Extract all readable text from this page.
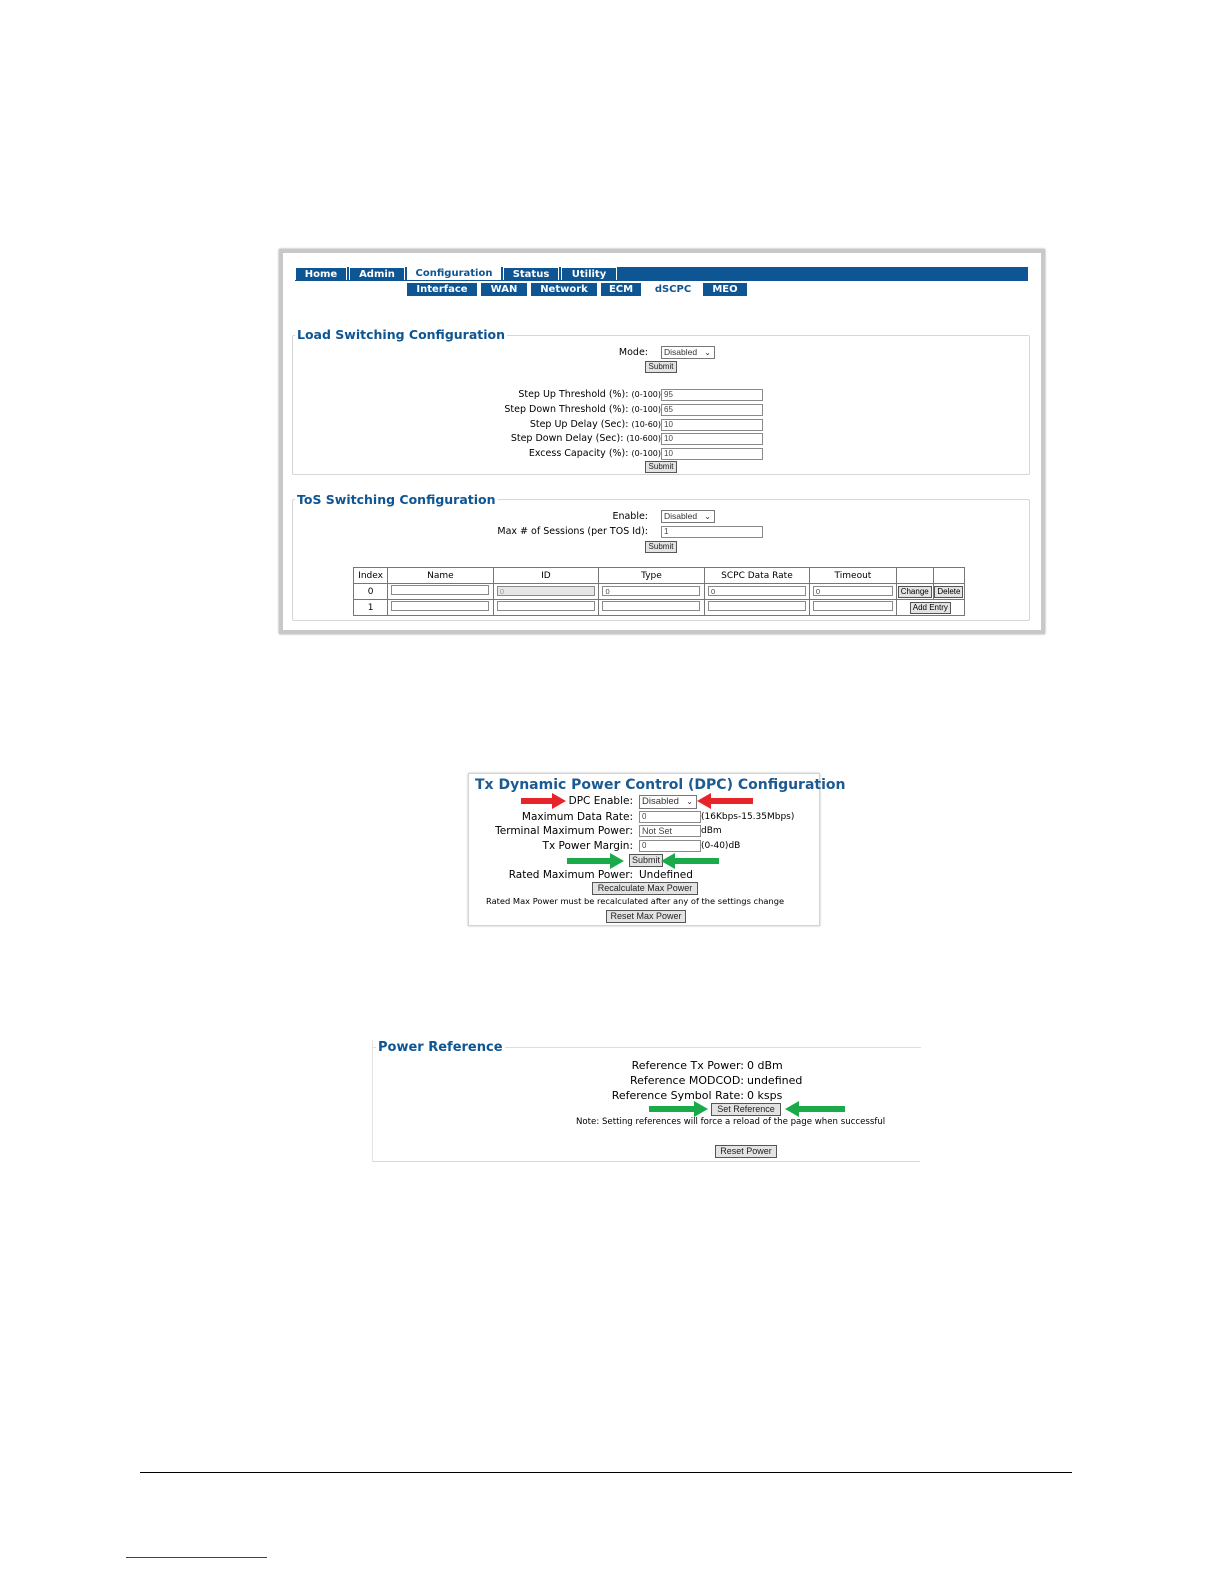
Home	Admin	Configuration	Status	Utility
Interface	WAN	Network	ECM	dSCPC	MEO
Load Switching Configuration
Mode:	Disabled ⌄
Submit
Step Up Threshold (%): (0-100) 95
Step Down Threshold (%): (0-100) 65
Step Up Delay (Sec): (10-60) 10
Step Down Delay (Sec): (10-600) 10
Excess Capacity (%): (0-100) 10
Submit
ToS Switching Configuration
Enable:	Disabled ⌄
Max # of Sessions (per TOS Id):	1
Submit
Index	Name	ID	Type	SCPC Data Rate	Timeout		
0		0	0	0	0	Change	Delete
1						Add Entry	
Tx Dynamic Power Control (DPC) Configuration
DPC Enable: Disabled ⌄
Maximum Data Rate:	0	(16Kbps-15.35Mbps)
Terminal Maximum Power:	Not Set	dBm
Tx Power Margin:	0	(0-40)dB
Submit
Rated Maximum Power: Undefined
Recalculate Max Power
Rated Max Power must be recalculated after any of the settings change
Reset Max Power
Power Reference
Reference Tx Power: 0 dBm
Reference MODCOD: undefined
Reference Symbol Rate: 0 ksps
Set Reference
Note: Setting references will force a reload of the page when successful
Reset Power
